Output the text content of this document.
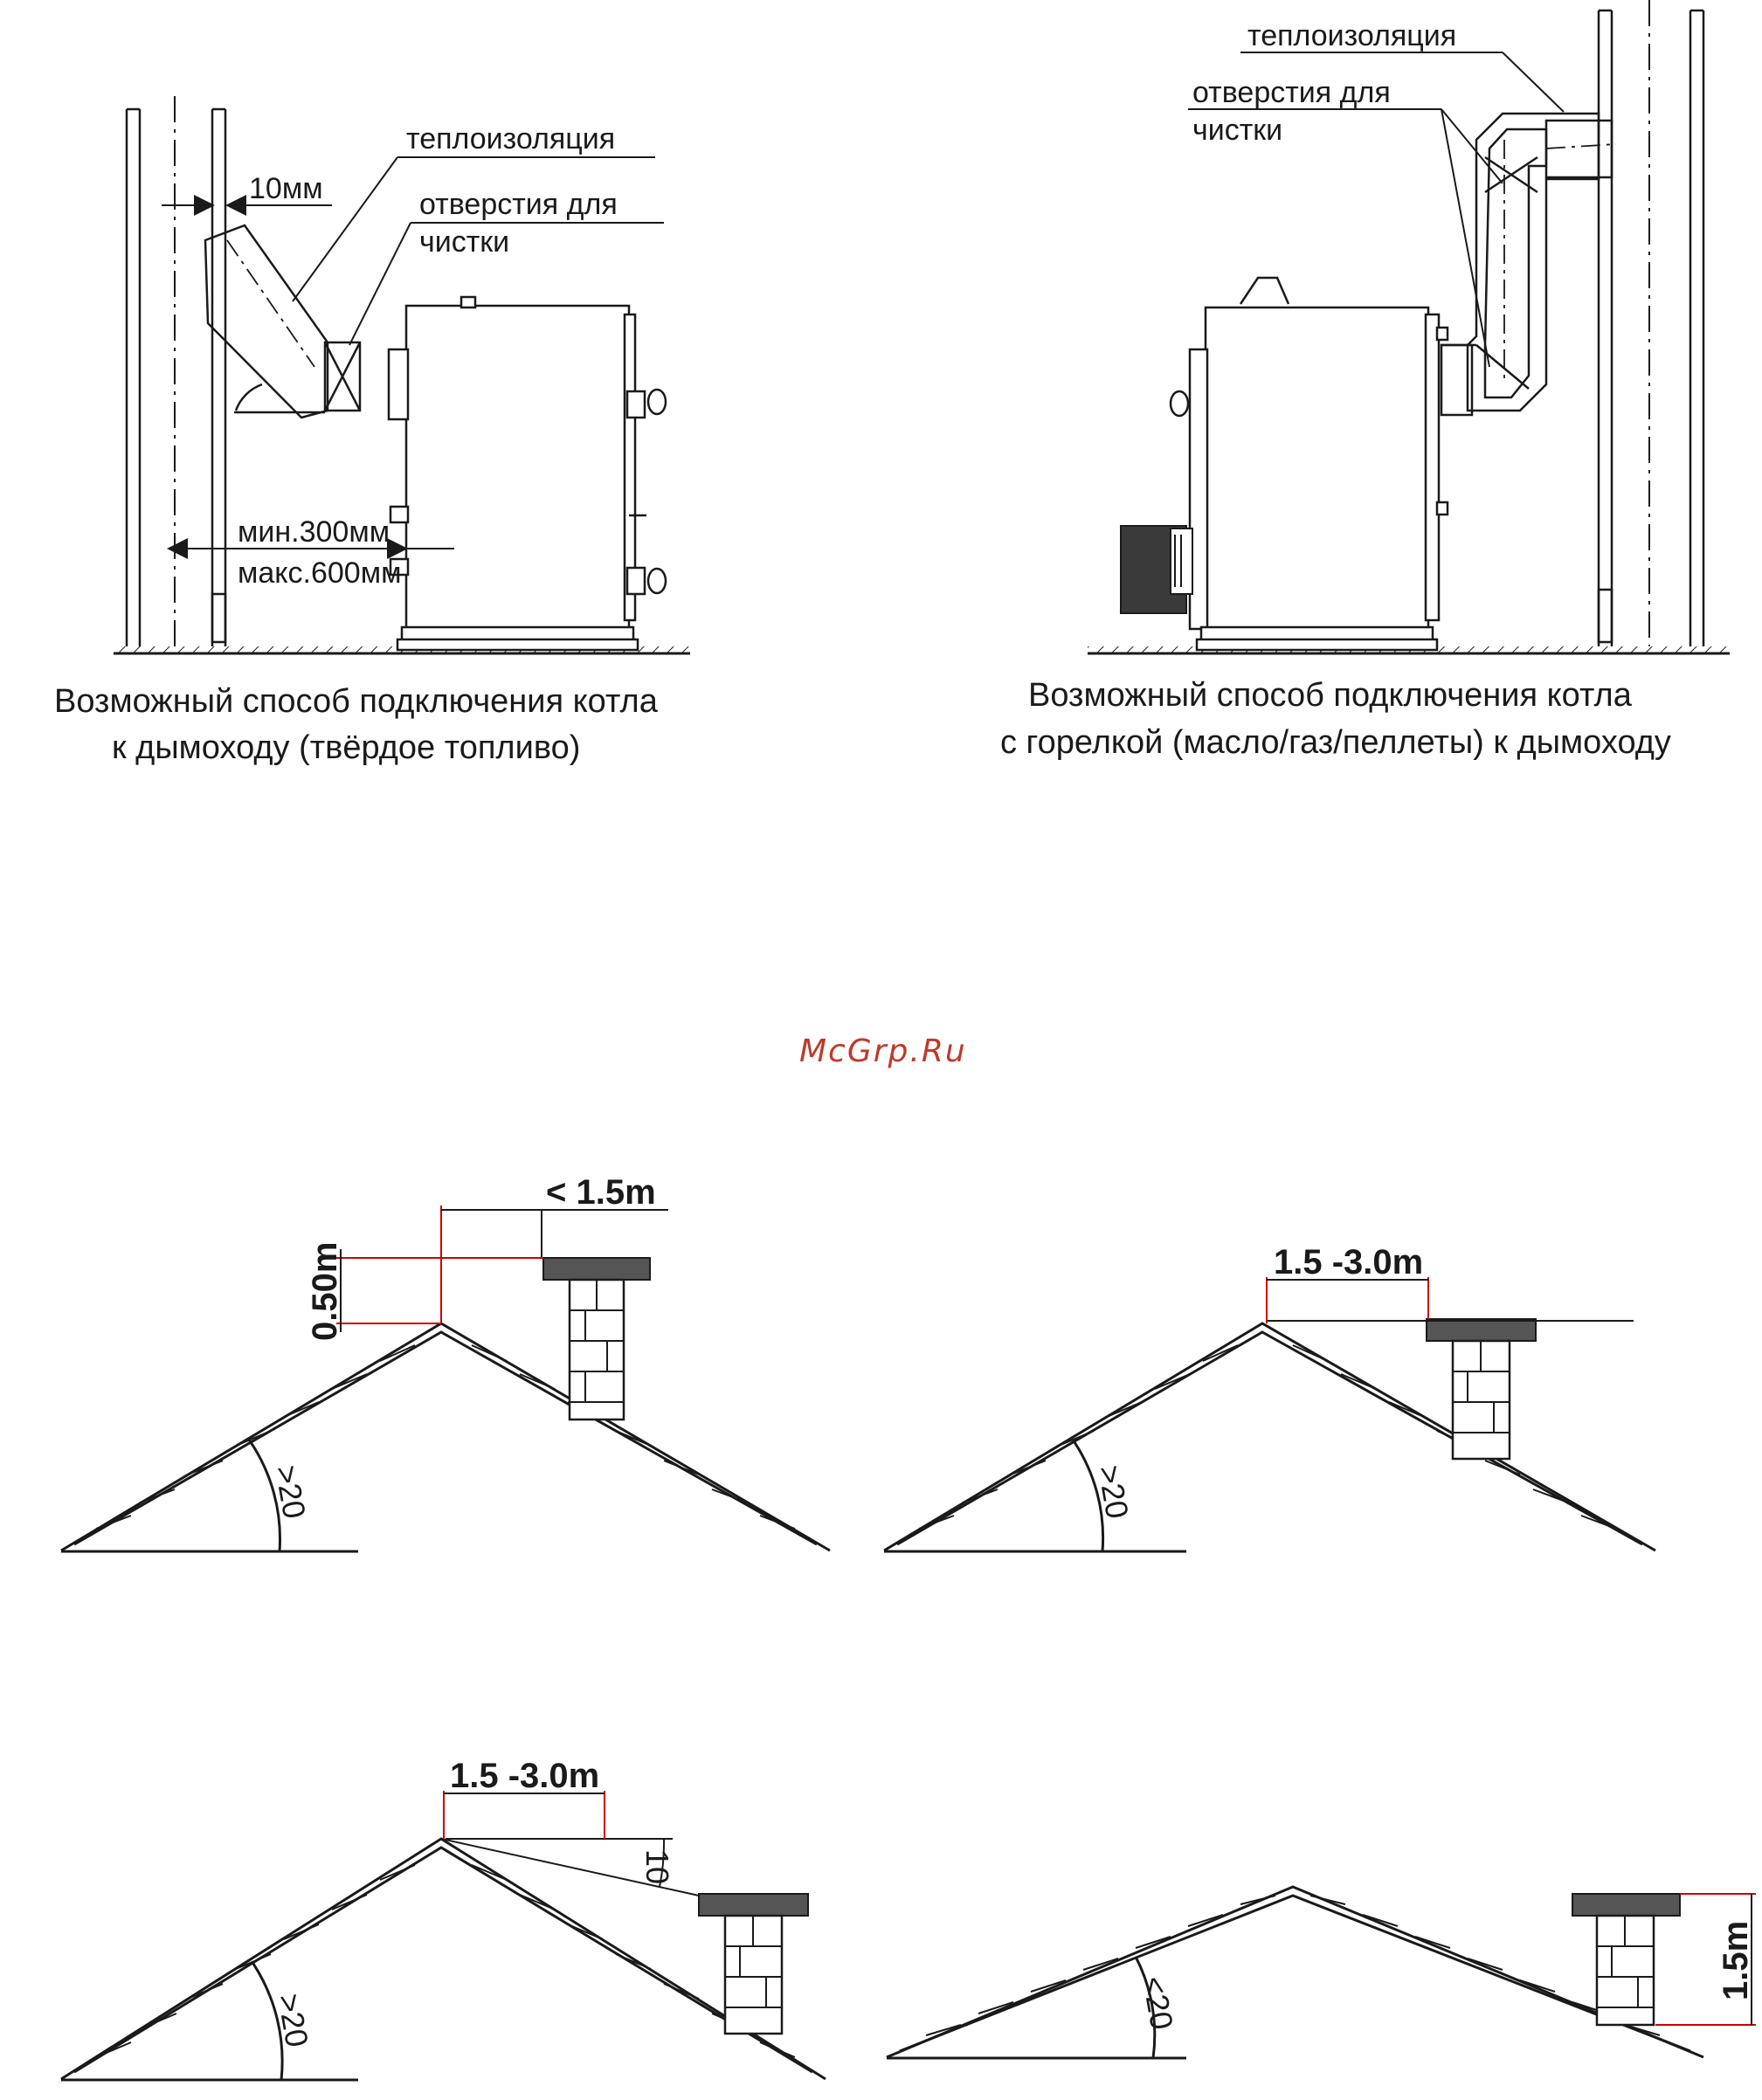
10мм
теплоизоляция
отверстия для
чистки
мин.300мм
макс.600мм
Возможный способ подключения котла
к дымоходу (твёрдое топливо)
теплоизоляция
отверстия для
чистки
Возможный способ подключения котла
с горелкой (масло/газ/пеллеты) к дымоходу
McGrp.Ru
< 1.5m
0.50m
>20
1.5 -3.0m
>20
1.5 -3.0m
10
>20
1.5m
<20
